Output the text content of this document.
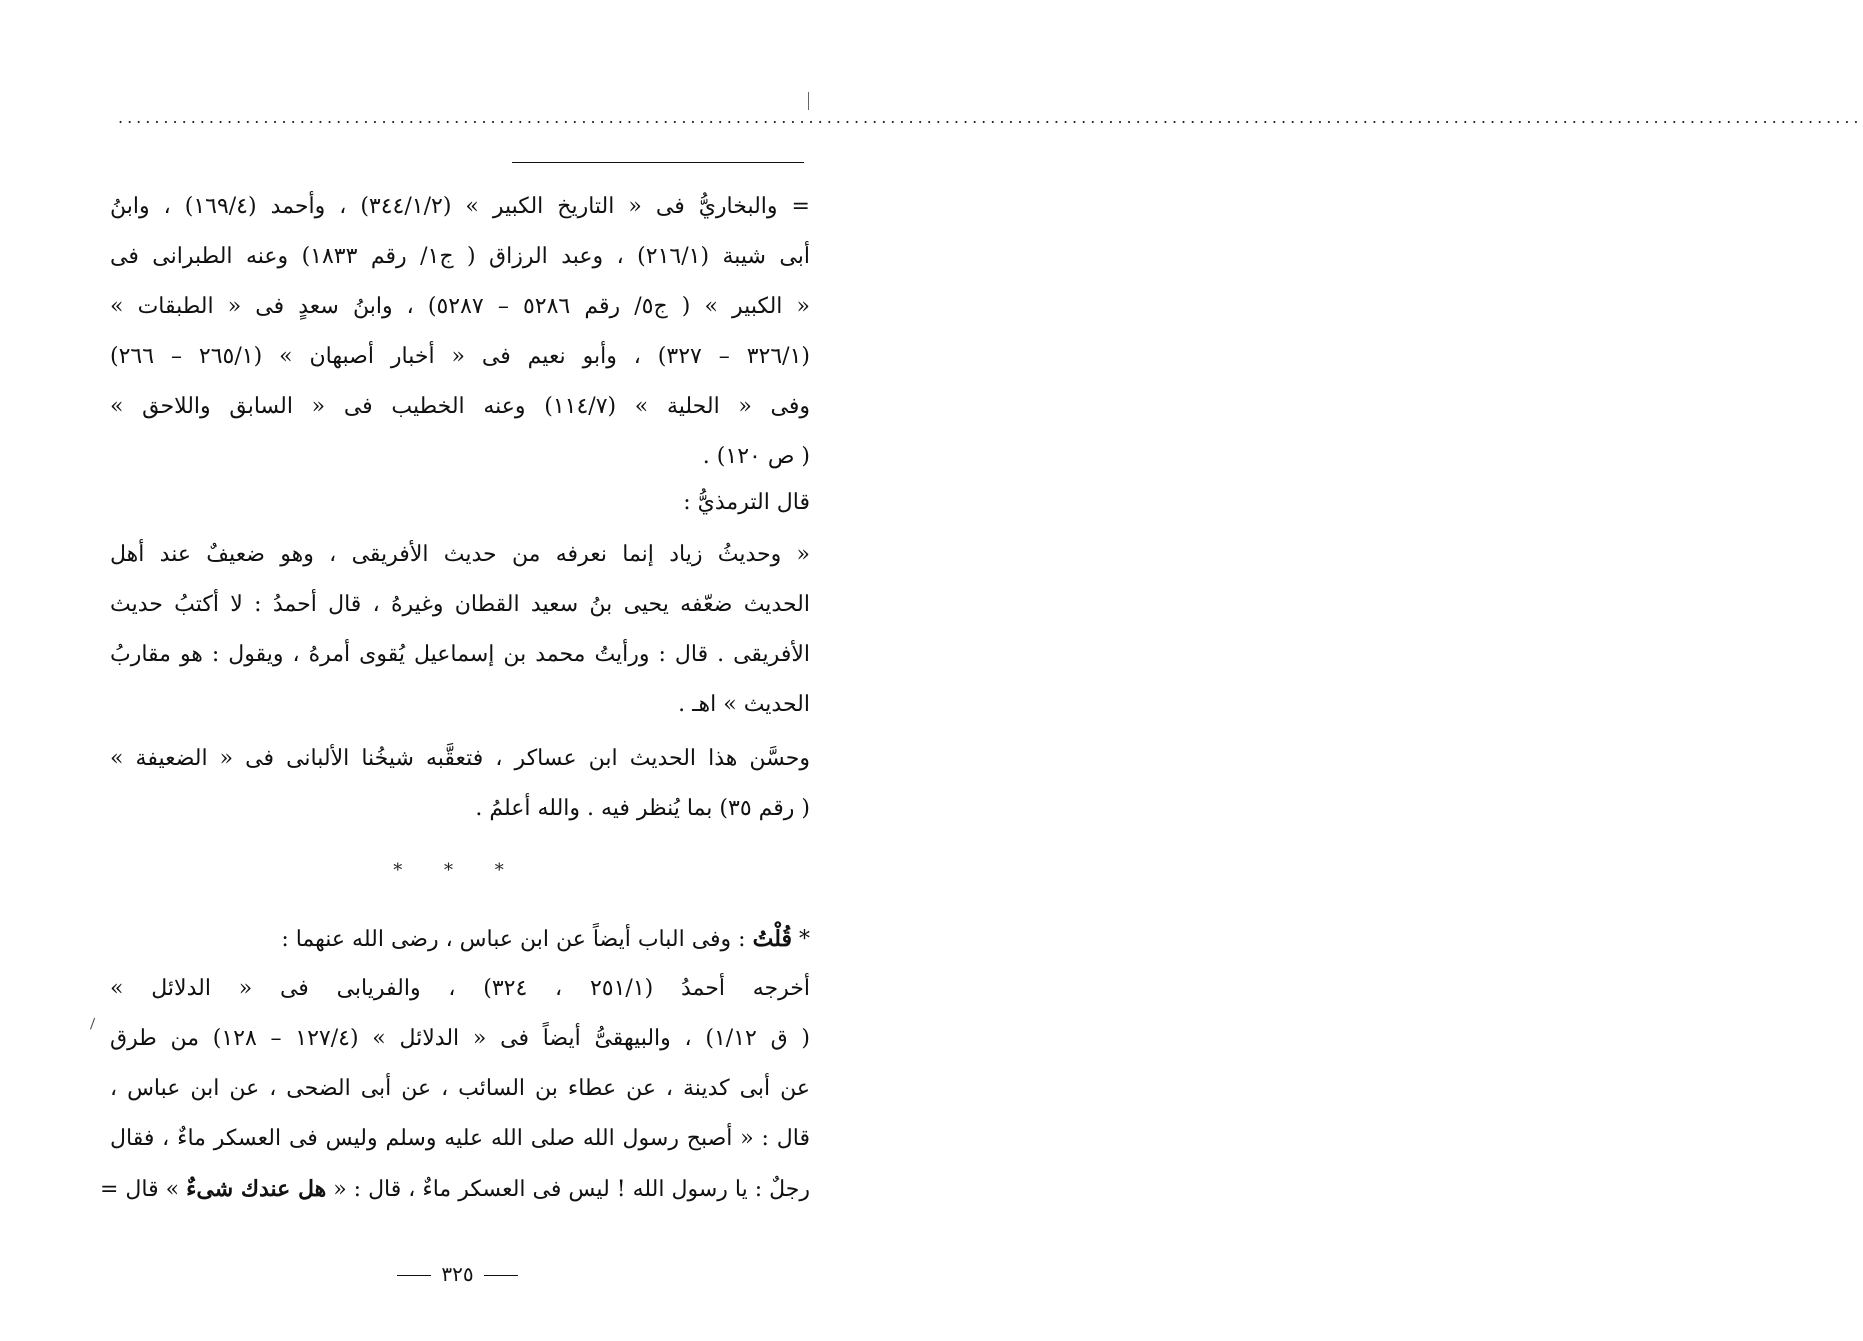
................................................................................................................................................................................................
= والبخاريُّ فى « التاريخ الكبير » (٣٤٤/١/٢) ، وأحمد (١٦٩/٤) ، وابنُ
أبى شيبة (٢١٦/١) ، وعبد الرزاق ( ج١/ رقم ١٨٣٣) وعنه الطبرانى فى
« الكبير » ( ج٥/ رقم ٥٢٨٦ – ٥٢٨٧) ، وابنُ سعدٍ فى « الطبقات »
(٣٢٦/١ – ٣٢٧) ، وأبو نعيم فى « أخبار أصبهان » (٢٦٥/١ – ٢٦٦)
وفى « الحلية » (١١٤/٧) وعنه الخطيب فى « السابق واللاحق »
( ص ١٢٠) .
قال الترمذيُّ :
« وحديثُ زياد إنما نعرفه من حديث الأفريقى ، وهو ضعيفٌ عند أهل
الحديث ضعّفه يحيى بنُ سعيد القطان وغيرهُ ، قال أحمدُ : لا أكتبُ حديث
الأفريقى . قال : ورأيتُ محمد بن إسماعيل يُقوى أمرهُ ، ويقول : هو مقاربُ
الحديث » اهـ .
وحسَّن هذا الحديث ابن عساكر ، فتعقَّبه شيخُنا الألبانى فى « الضعيفة »
( رقم ٣٥) بما يُنظر فيه . والله أعلمُ .
* * *
* قُلْتُ : وفى الباب أيضاً عن ابن عباس ، رضى الله عنهما :
أخرجه أحمدُ (٢٥١/١ ، ٣٢٤) ، والفريابى فى « الدلائل »
( ق ١/١٢) ، والبيهقىُّ أيضاً فى « الدلائل » (١٢٧/٤ – ١٢٨) من طرق
عن أبى كدينة ، عن عطاء بن السائب ، عن أبى الضحى ، عن ابن عباس ،
قال : « أصبح رسول الله صلى الله عليه وسلم وليس فى العسكر ماءٌ ، فقال
رجلٌ : يا رسول الله ! ليس فى العسكر ماءٌ ، قال : « هل عندك شىءٌ » قال =
٣٢٥
